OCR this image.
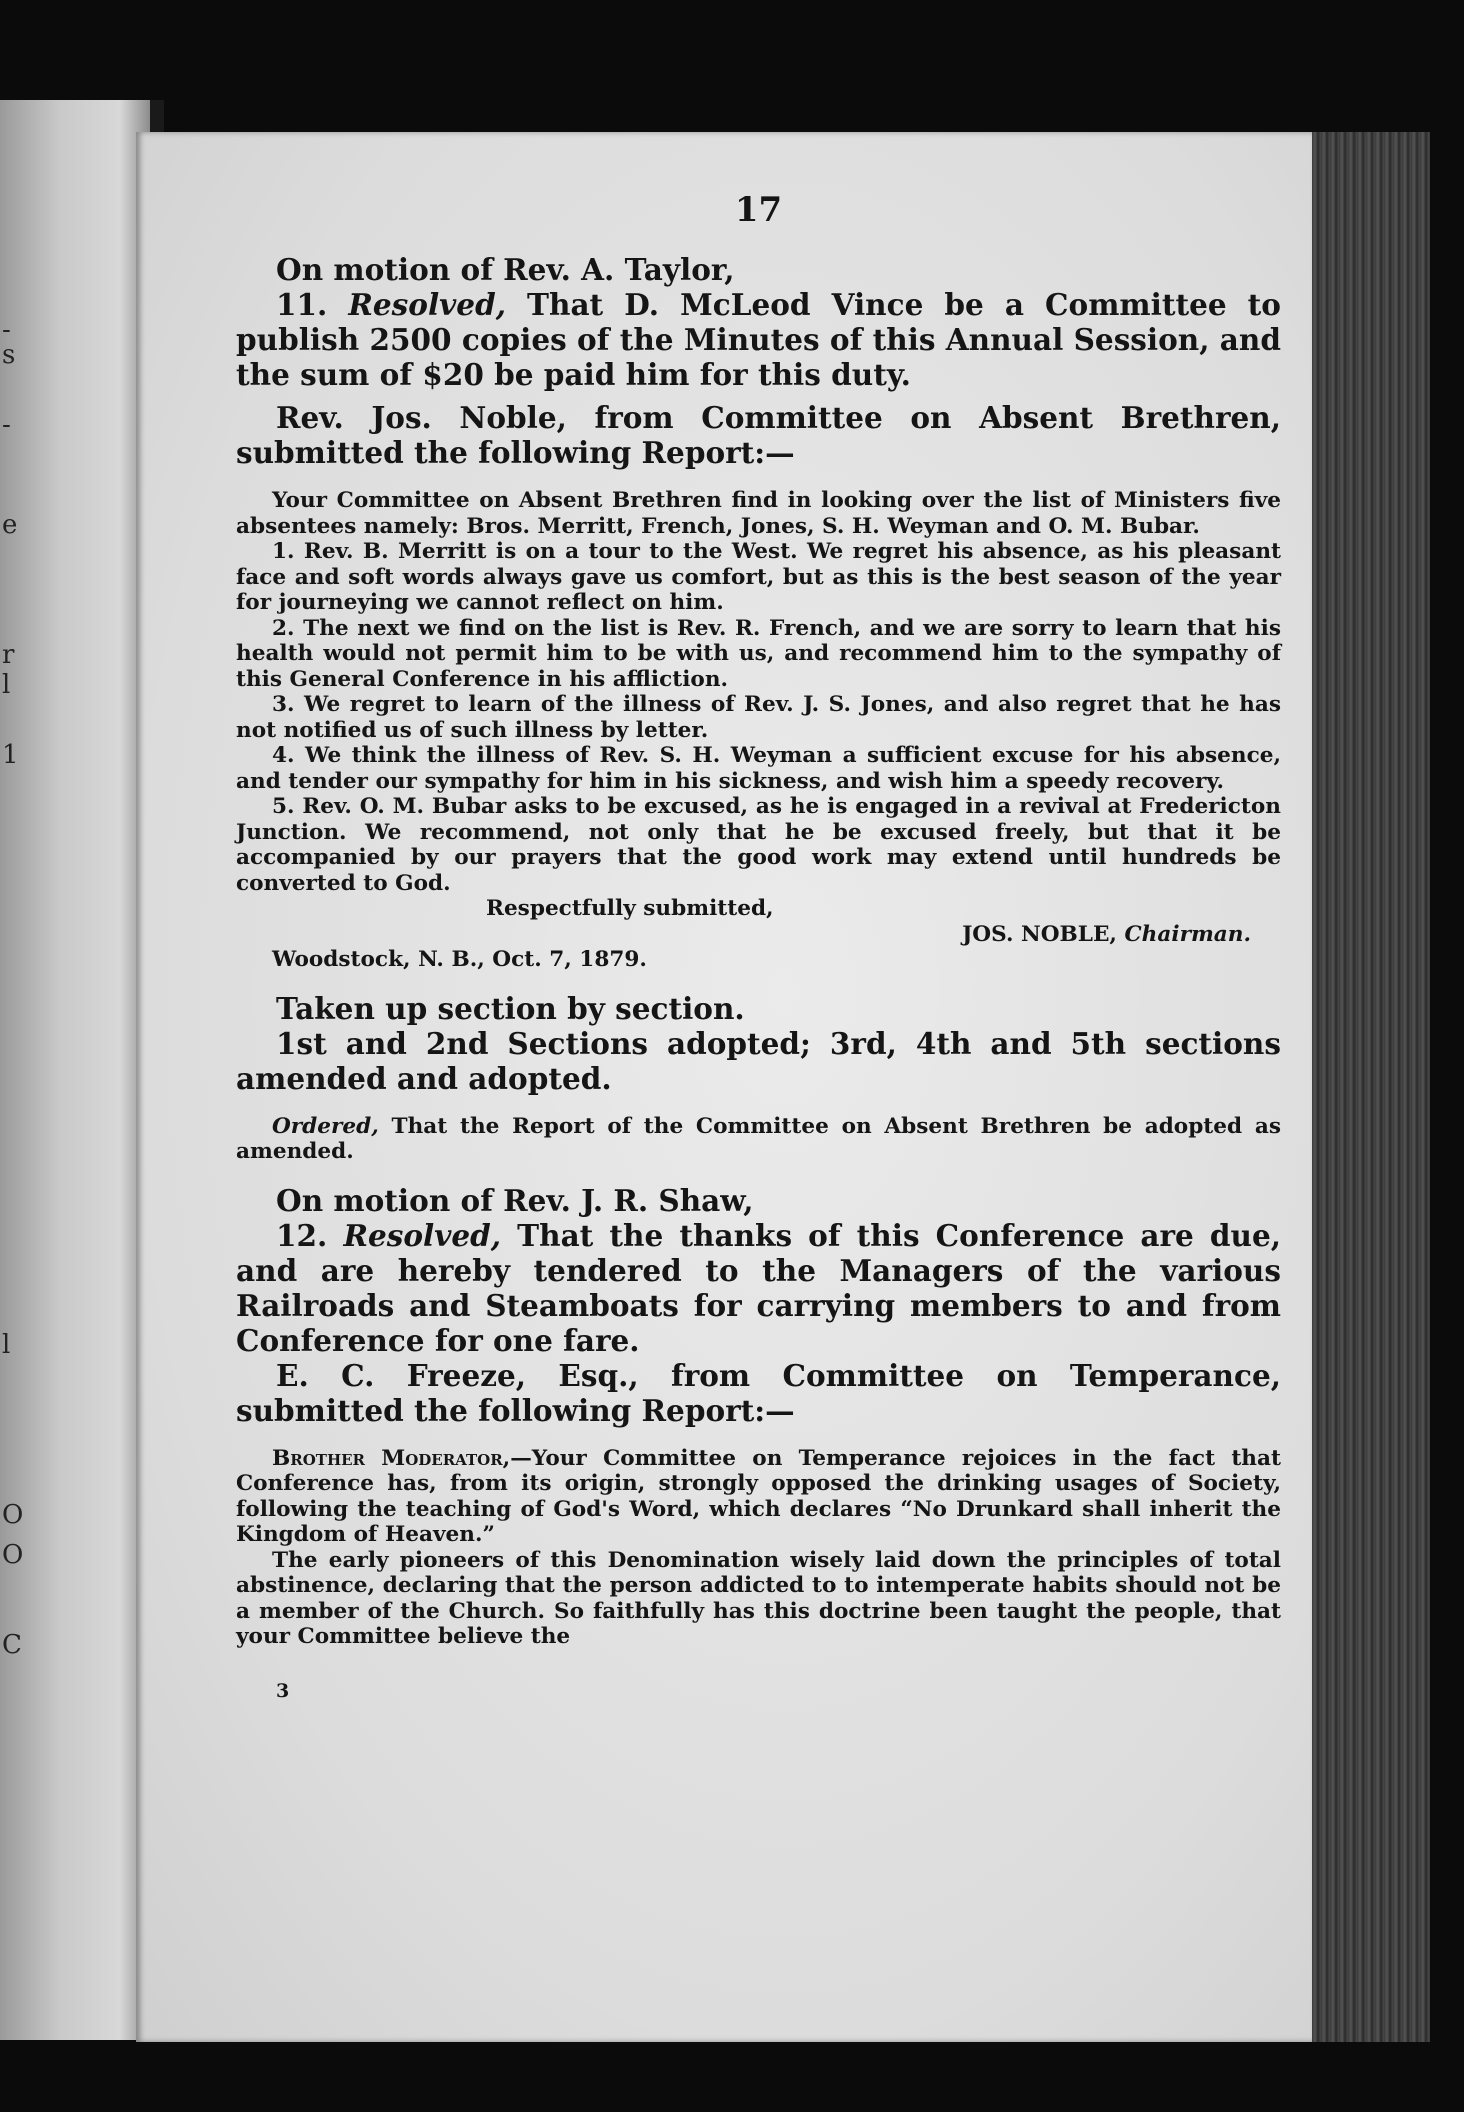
-
s
-
e
r
l
1
l
O
O
C
17

On motion of Rev. A. Taylor,

11. Resolved, That D. McLeod Vince be a Committee to publish 2500 copies of the Minutes of this Annual Session, and the sum of $20 be paid him for this duty.

Rev. Jos. Noble, from Committee on Absent Brethren, submitted the following Report:—

Your Committee on Absent Brethren find in looking over the list of Ministers five absentees namely: Bros. Merritt, French, Jones, S. H. Weyman and O. M. Bubar.

1. Rev. B. Merritt is on a tour to the West. We regret his absence, as his pleasant face and soft words always gave us comfort, but as this is the best season of the year for journeying we cannot reflect on him.

2. The next we find on the list is Rev. R. French, and we are sorry to learn that his health would not permit him to be with us, and recommend him to the sympathy of this General Conference in his affliction.

3. We regret to learn of the illness of Rev. J. S. Jones, and also regret that he has not notified us of such illness by letter.

4. We think the illness of Rev. S. H. Weyman a sufficient excuse for his absence, and tender our sympathy for him in his sickness, and wish him a speedy recovery.

5. Rev. O. M. Bubar asks to be excused, as he is engaged in a revival at Fredericton Junction. We recommend, not only that he be excused freely, but that it be accompanied by our prayers that the good work may extend until hundreds be converted to God.

Respectfully submitted,

JOS. NOBLE, Chairman.

Woodstock, N. B., Oct. 7, 1879.

Taken up section by section.

1st and 2nd Sections adopted; 3rd, 4th and 5th sections amended and adopted.

Ordered, That the Report of the Committee on Absent Brethren be adopted as amended.

On motion of Rev. J. R. Shaw,

12. Resolved, That the thanks of this Conference are due, and are hereby tendered to the Managers of the various Railroads and Steamboats for carrying members to and from Conference for one fare.

E. C. Freeze, Esq., from Committee on Temperance, submitted the following Report:—

Brother Moderator,—Your Committee on Temperance rejoices in the fact that Conference has, from its origin, strongly opposed the drinking usages of Society, following the teaching of God's Word, which declares “No Drunkard shall inherit the Kingdom of Heaven.”

The early pioneers of this Denomination wisely laid down the principles of total abstinence, declaring that the person addicted to to intemperate habits should not be a member of the Church. So faithfully has this doctrine been taught the people, that your Committee believe the

3
